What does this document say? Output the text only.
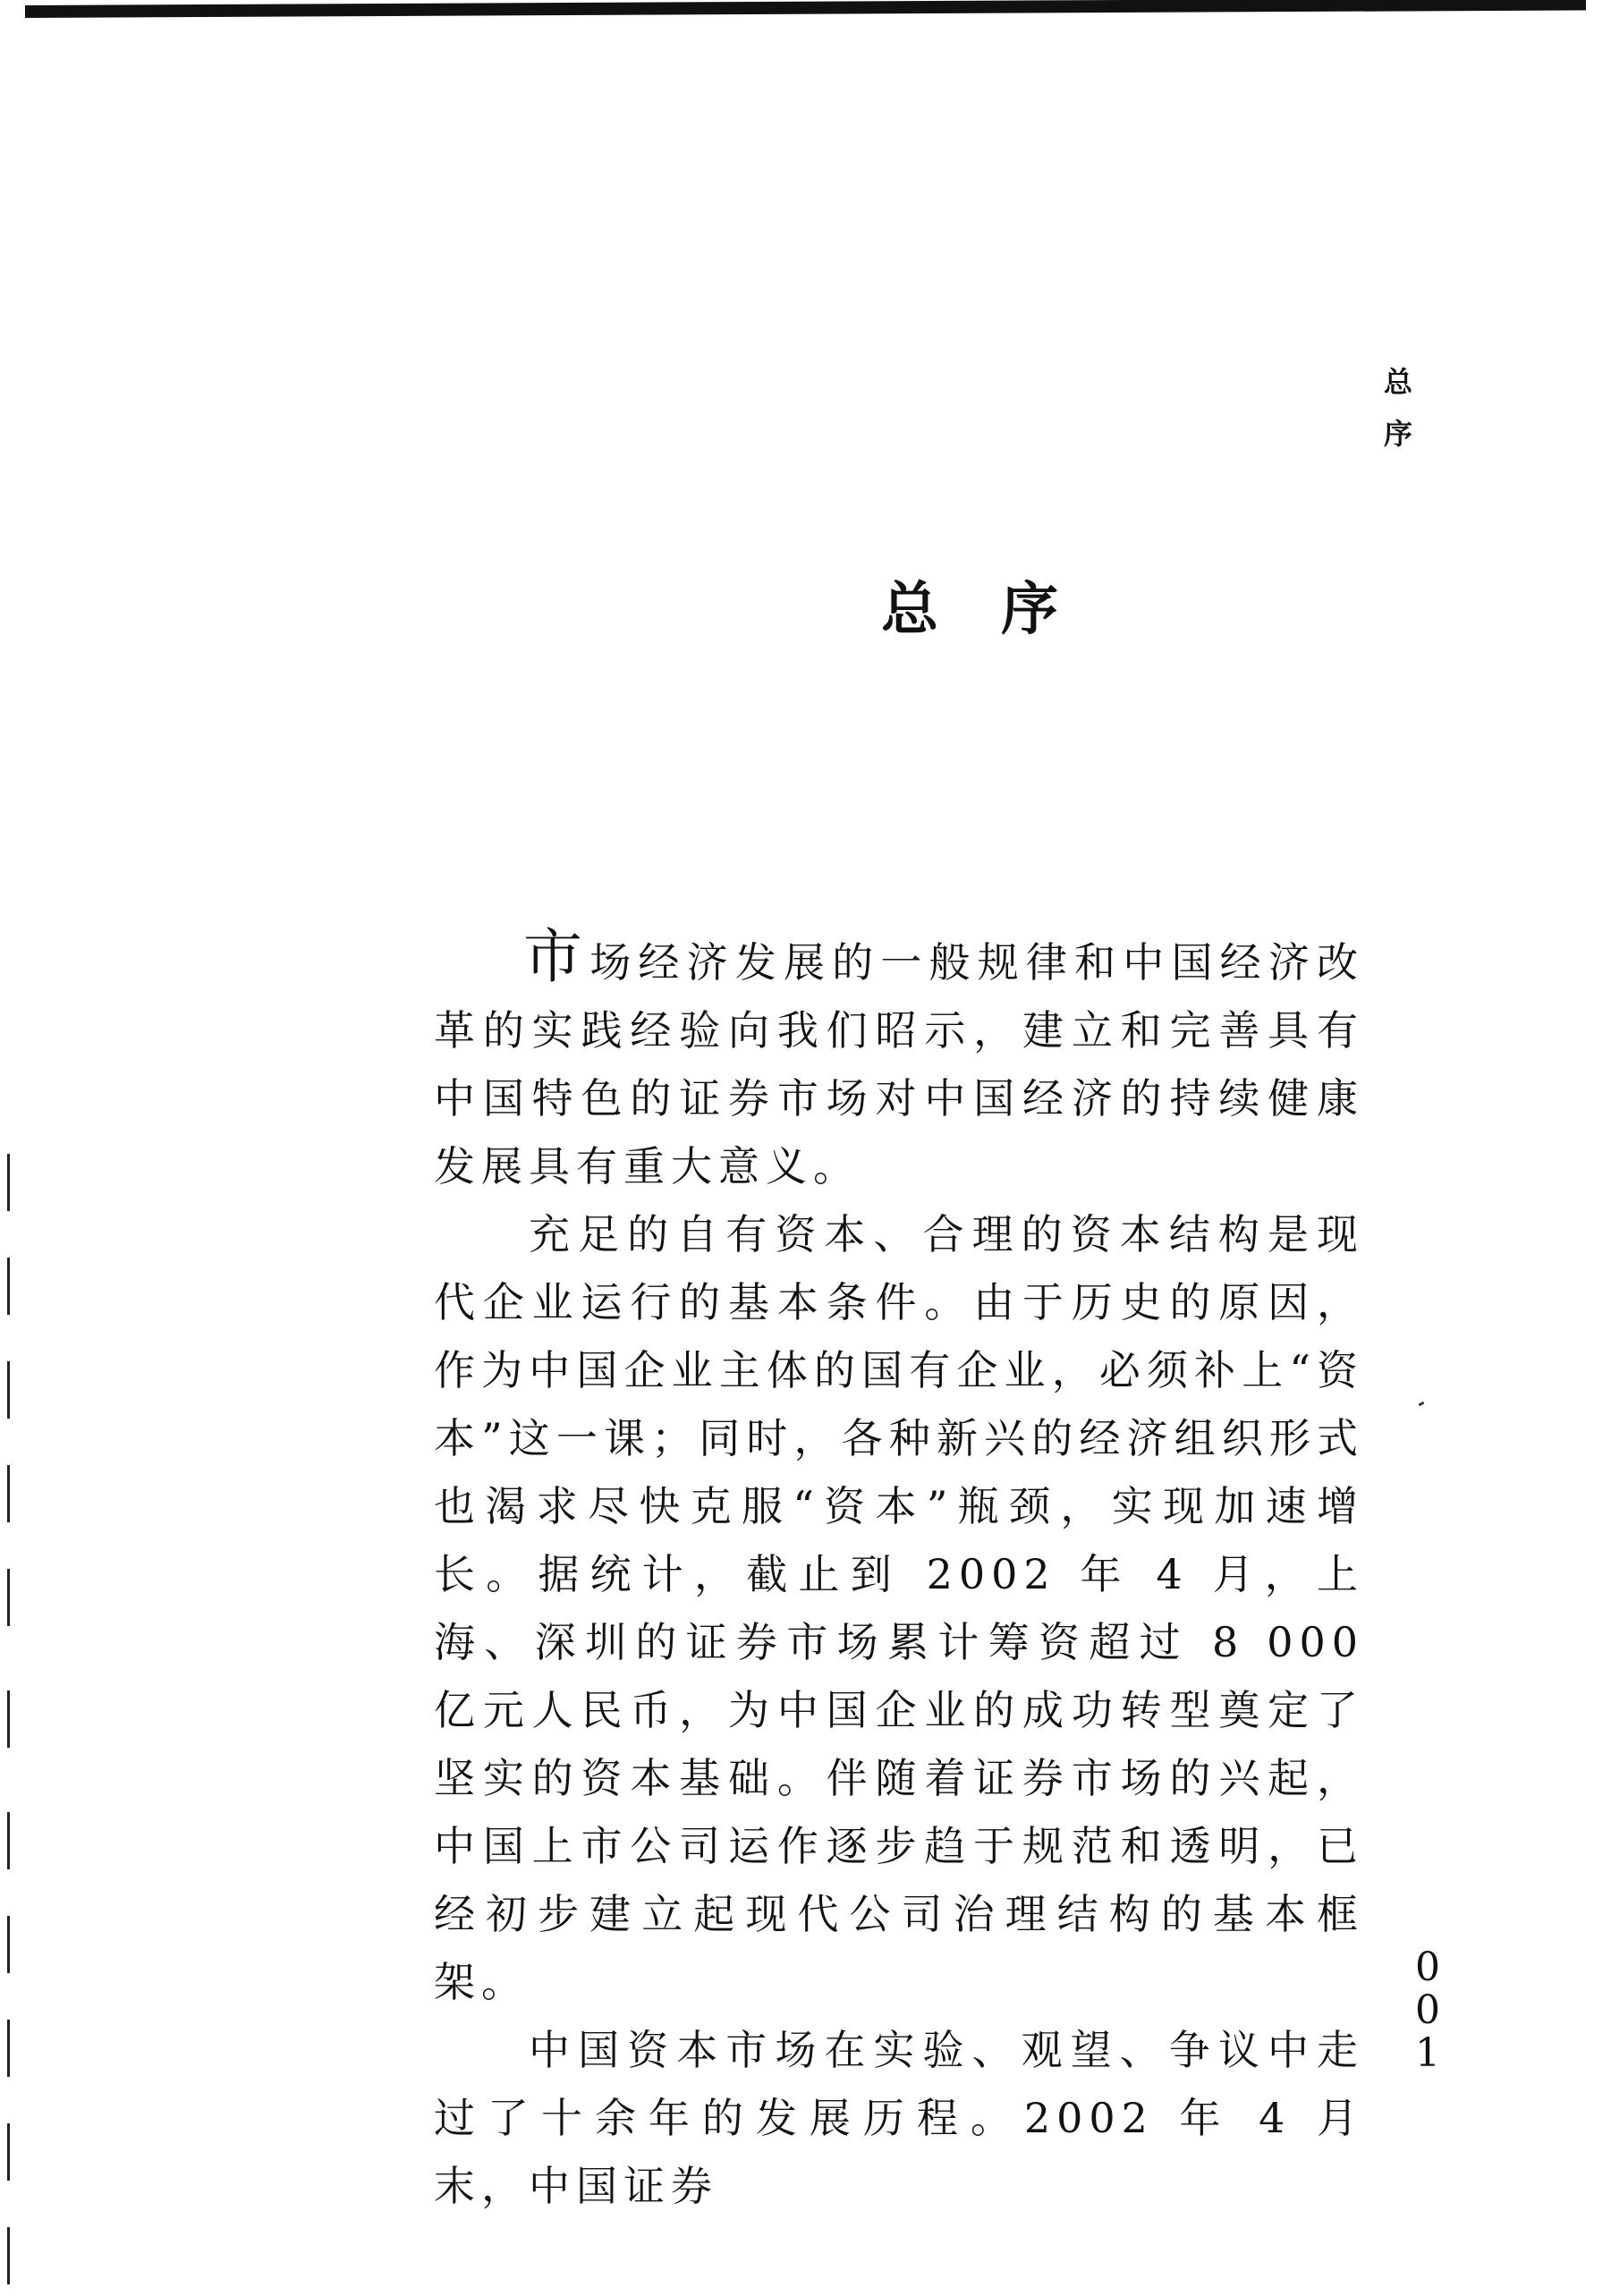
总序
总序

市场经济发展的一般规律和中国经济改革的实践经验向我们昭示，建立和完善具有中国特色的证券市场对中国经济的持续健康发展具有重大意义。

充足的自有资本、合理的资本结构是现代企业运行的基本条件。由于历史的原因，作为中国企业主体的国有企业，必须补上“资本”这一课；同时，各种新兴的经济组织形式也渴求尽快克服“资本”瓶颈，实现加速增长。据统计，截止到 2002 年 4 月，上海、深圳的证券市场累计筹资超过 8 000 亿元人民币，为中国企业的成功转型奠定了坚实的资本基础。伴随着证券市场的兴起，中国上市公司运作逐步趋于规范和透明，已经初步建立起现代公司治理结构的基本框架。

中国资本市场在实验、观望、争议中走过了十余年的发展历程。2002 年 4 月末，中国证券

001
